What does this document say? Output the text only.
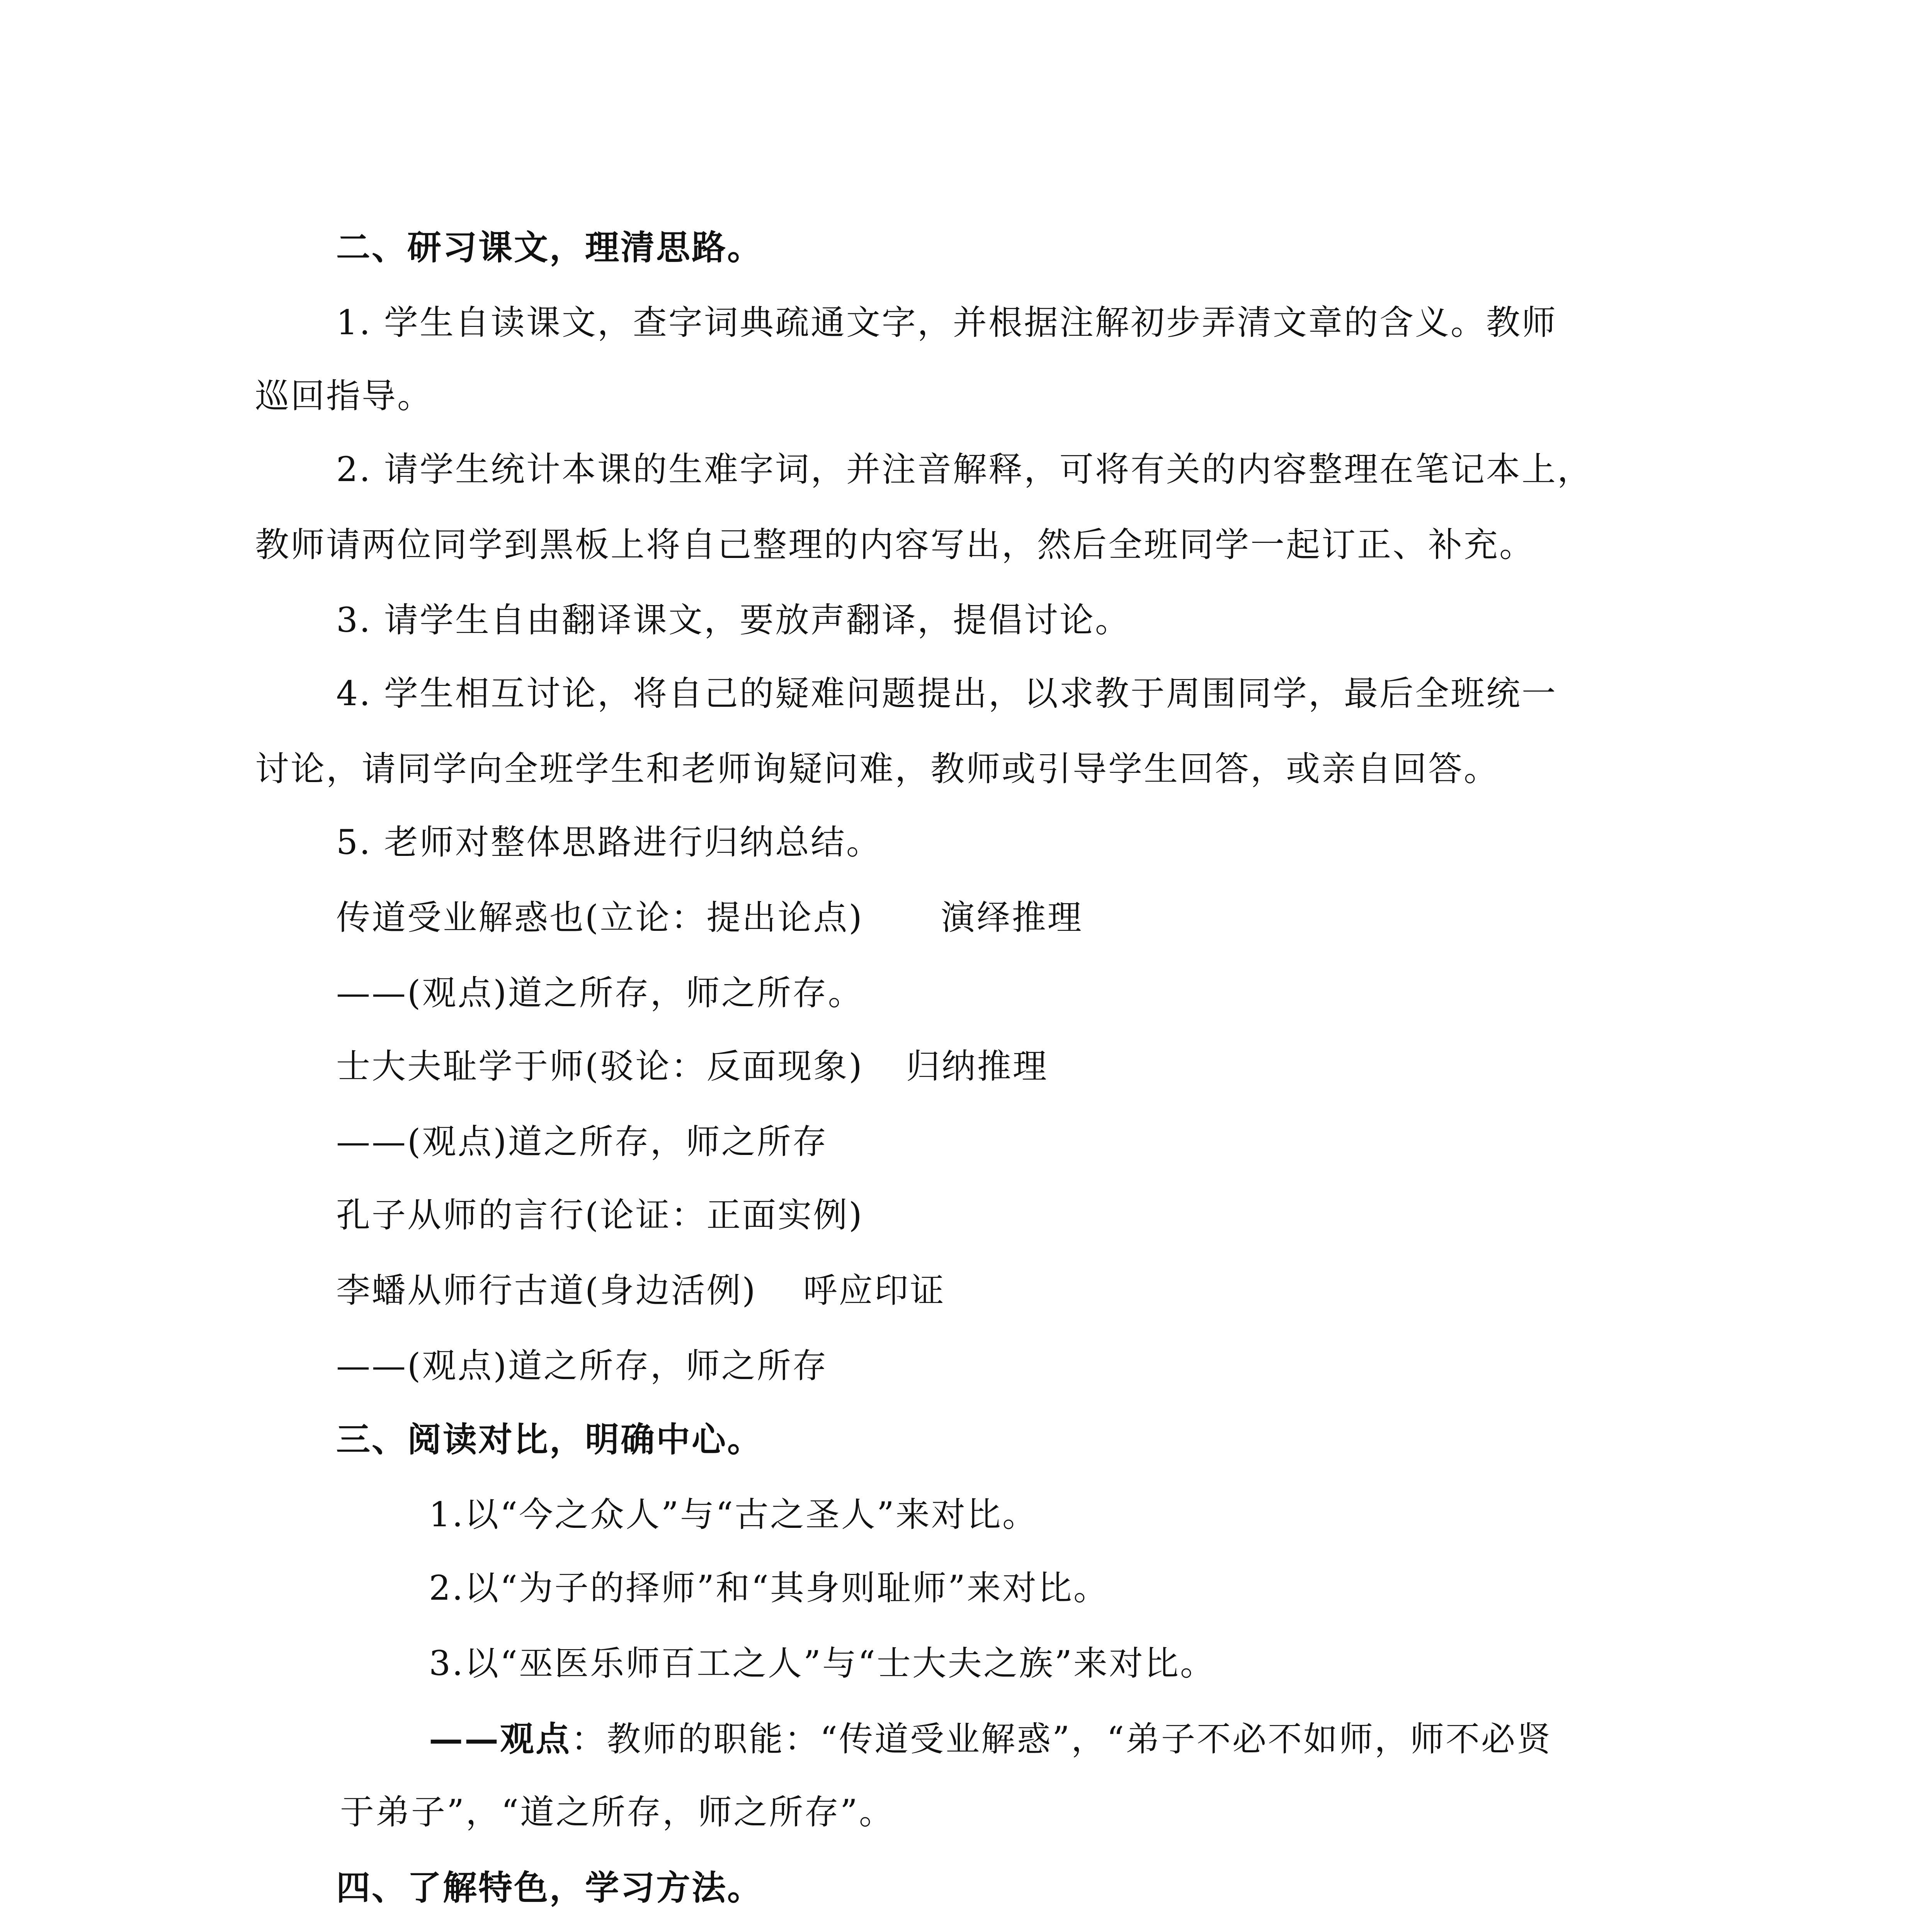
二、研习课文，理清思路。
1. 学生自读课文，查字词典疏通文字，并根据注解初步弄清文章的含义。教师
巡回指导。
2. 请学生统计本课的生难字词，并注音解释，可将有关的内容整理在笔记本上，
教师请两位同学到黑板上将自己整理的内容写出，然后全班同学一起订正、补充。
3. 请学生自由翻译课文，要放声翻译，提倡讨论。
4. 学生相互讨论，将自己的疑难问题提出，以求教于周围同学，最后全班统一
讨论，请同学向全班学生和老师询疑问难，教师或引导学生回答，或亲自回答。
5. 老师对整体思路进行归纳总结。
传道受业解惑也(立论：提出论点) 演绎推理
——(观点)道之所存，师之所存。
士大夫耻学于师(驳论：反面现象) 归纳推理
——(观点)道之所存，师之所存
孔子从师的言行(论证：正面实例)
李蟠从师行古道(身边活例) 呼应印证
——(观点)道之所存，师之所存
三、阅读对比，明确中心。
1.以“今之众人”与“古之圣人”来对比。
2.以“为子的择师”和“其身则耻师”来对比。
3.以“巫医乐师百工之人”与“士大夫之族”来对比。
——观点：教师的职能：“传道受业解惑”，“弟子不必不如师，师不必贤
于弟子”，“道之所存，师之所存”。
四、了解特色，学习方法。
